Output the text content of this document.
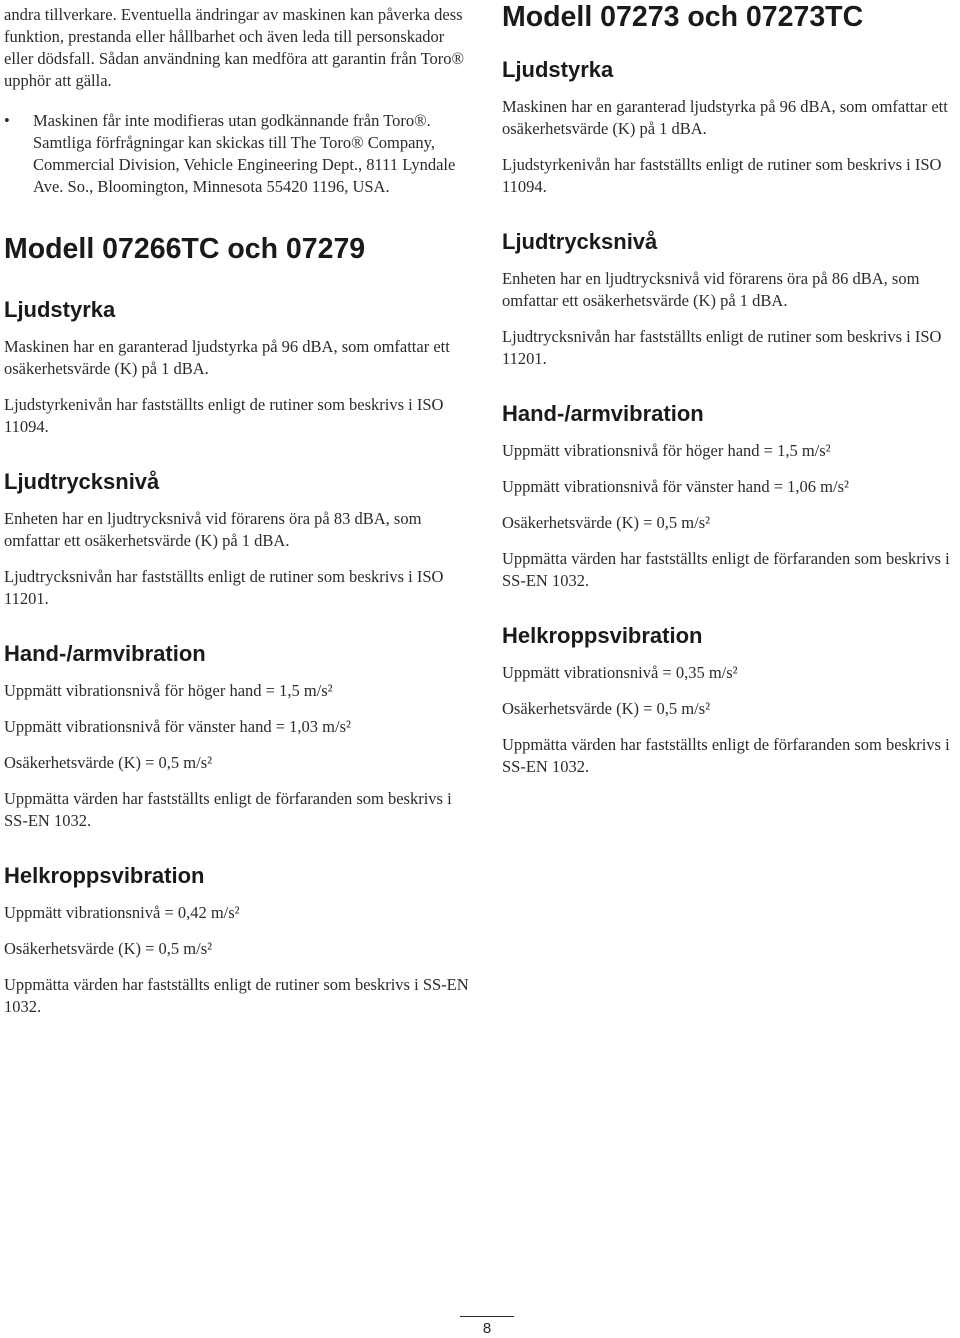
andra tillverkare. Eventuella ändringar av maskinen kan påverka dess funktion, prestanda eller hållbarhet och även leda till personskador eller dödsfall. Sådan användning kan medföra att garantin från Toro® upphör att gälla.

• Maskinen får inte modifieras utan godkännande från Toro®. Samtliga förfrågningar kan skickas till The Toro® Company, Commercial Division, Vehicle Engineering Dept., 8111 Lyndale Ave. So., Bloomington, Minnesota 55420 1196, USA.

Modell 07266TC och 07279
Ljudstyrka

Maskinen har en garanterad ljudstyrka på 96 dBA, som omfattar ett osäkerhetsvärde (K) på 1 dBA.

Ljudstyrkenivån har fastställts enligt de rutiner som beskrivs i ISO 11094.

Ljudtrycksnivå

Enheten har en ljudtrycksnivå vid förarens öra på 83 dBA, som omfattar ett osäkerhetsvärde (K) på 1 dBA.

Ljudtrycksnivån har fastställts enligt de rutiner som beskrivs i ISO 11201.

Hand-/armvibration

Uppmätt vibrationsnivå för höger hand = 1,5 m/s²

Uppmätt vibrationsnivå för vänster hand = 1,03 m/s²

Osäkerhetsvärde (K) = 0,5 m/s²

Uppmätta värden har fastställts enligt de förfaranden som beskrivs i SS-EN 1032.

Helkroppsvibration

Uppmätt vibrationsnivå = 0,42 m/s²

Osäkerhetsvärde (K) = 0,5 m/s²

Uppmätta värden har fastställts enligt de rutiner som beskrivs i SS-EN 1032.

Modell 07273 och 07273TC
Ljudstyrka

Maskinen har en garanterad ljudstyrka på 96 dBA, som omfattar ett osäkerhetsvärde (K) på 1 dBA.

Ljudstyrkenivån har fastställts enligt de rutiner som beskrivs i ISO 11094.

Ljudtrycksnivå

Enheten har en ljudtrycksnivå vid förarens öra på 86 dBA, som omfattar ett osäkerhetsvärde (K) på 1 dBA.

Ljudtrycksnivån har fastställts enligt de rutiner som beskrivs i ISO 11201.

Hand-/armvibration

Uppmätt vibrationsnivå för höger hand = 1,5 m/s²

Uppmätt vibrationsnivå för vänster hand = 1,06 m/s²

Osäkerhetsvärde (K) = 0,5 m/s²

Uppmätta värden har fastställts enligt de förfaranden som beskrivs i SS-EN 1032.

Helkroppsvibration

Uppmätt vibrationsnivå = 0,35 m/s²

Osäkerhetsvärde (K) = 0,5 m/s²

Uppmätta värden har fastställts enligt de förfaranden som beskrivs i SS-EN 1032.

8
